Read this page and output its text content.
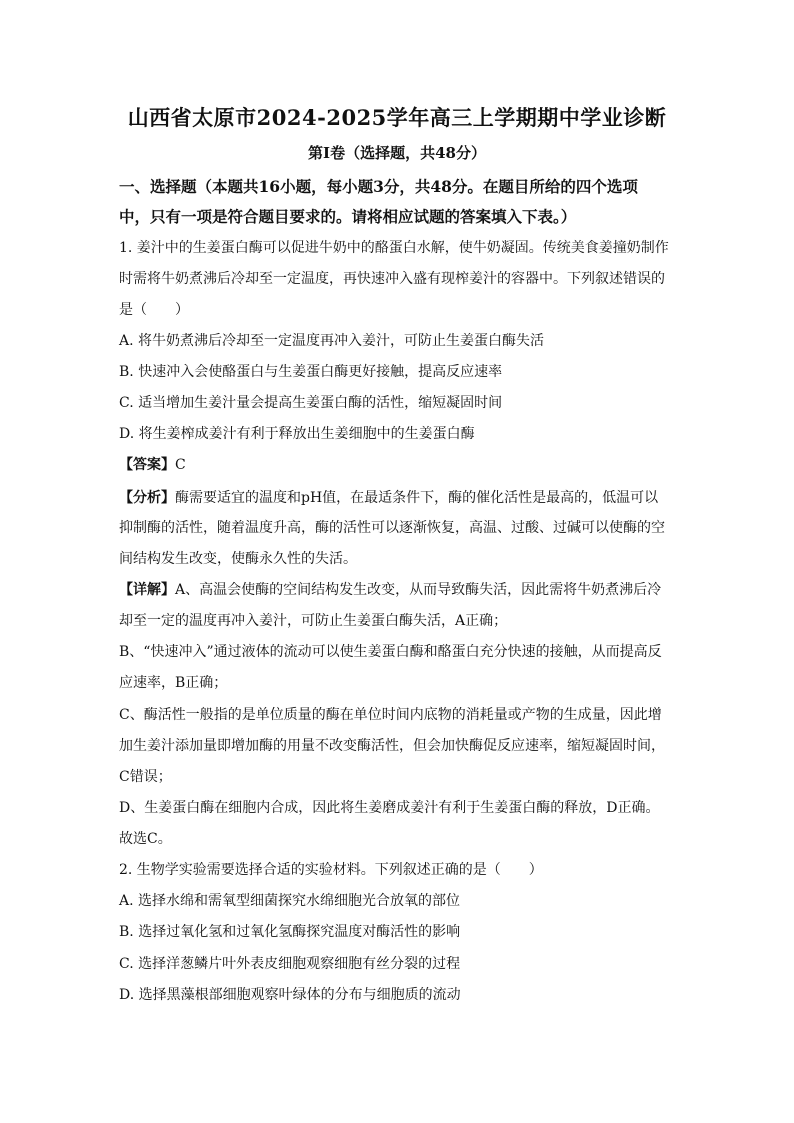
山西省太原市2024-2025学年高三上学期期中学业诊断
第Ⅰ卷（选择题，共48分）
一、选择题（本题共16小题，每小题3分，共48分。在题目所给的四个选项
中，只有一项是符合题目要求的。请将相应试题的答案填入下表。）
1. 姜汁中的生姜蛋白酶可以促进牛奶中的酪蛋白水解，使牛奶凝固。传统美食姜撞奶制作
时需将牛奶煮沸后冷却至一定温度，再快速冲入盛有现榨姜汁的容器中。下列叙述错误的
是（　　）
A. 将牛奶煮沸后冷却至一定温度再冲入姜汁，可防止生姜蛋白酶失活
B. 快速冲入会使酪蛋白与生姜蛋白酶更好接触，提高反应速率
C. 适当增加生姜汁量会提高生姜蛋白酶的活性，缩短凝固时间
D. 将生姜榨成姜汁有利于释放出生姜细胞中的生姜蛋白酶
【答案】C
【分析】酶需要适宜的温度和pH值，在最适条件下，酶的催化活性是最高的，低温可以
抑制酶的活性，随着温度升高，酶的活性可以逐渐恢复，高温、过酸、过碱可以使酶的空
间结构发生改变，使酶永久性的失活。
【详解】A、高温会使酶的空间结构发生改变，从而导致酶失活，因此需将牛奶煮沸后冷
却至一定的温度再冲入姜汁，可防止生姜蛋白酶失活，A正确；
B、“快速冲入”通过液体的流动可以使生姜蛋白酶和酪蛋白充分快速的接触，从而提高反
应速率，B正确；
C、酶活性一般指的是单位质量的酶在单位时间内底物的消耗量或产物的生成量，因此增
加生姜汁添加量即增加酶的用量不改变酶活性，但会加快酶促反应速率，缩短凝固时间，
C错误；
D、生姜蛋白酶在细胞内合成，因此将生姜磨成姜汁有利于生姜蛋白酶的释放，D正确。
故选C。
2. 生物学实验需要选择合适的实验材料。下列叙述正确的是（　　）
A. 选择水绵和需氧型细菌探究水绵细胞光合放氧的部位
B. 选择过氧化氢和过氧化氢酶探究温度对酶活性的影响
C. 选择洋葱鳞片叶外表皮细胞观察细胞有丝分裂的过程
D. 选择黑藻根部细胞观察叶绿体的分布与细胞质的流动
